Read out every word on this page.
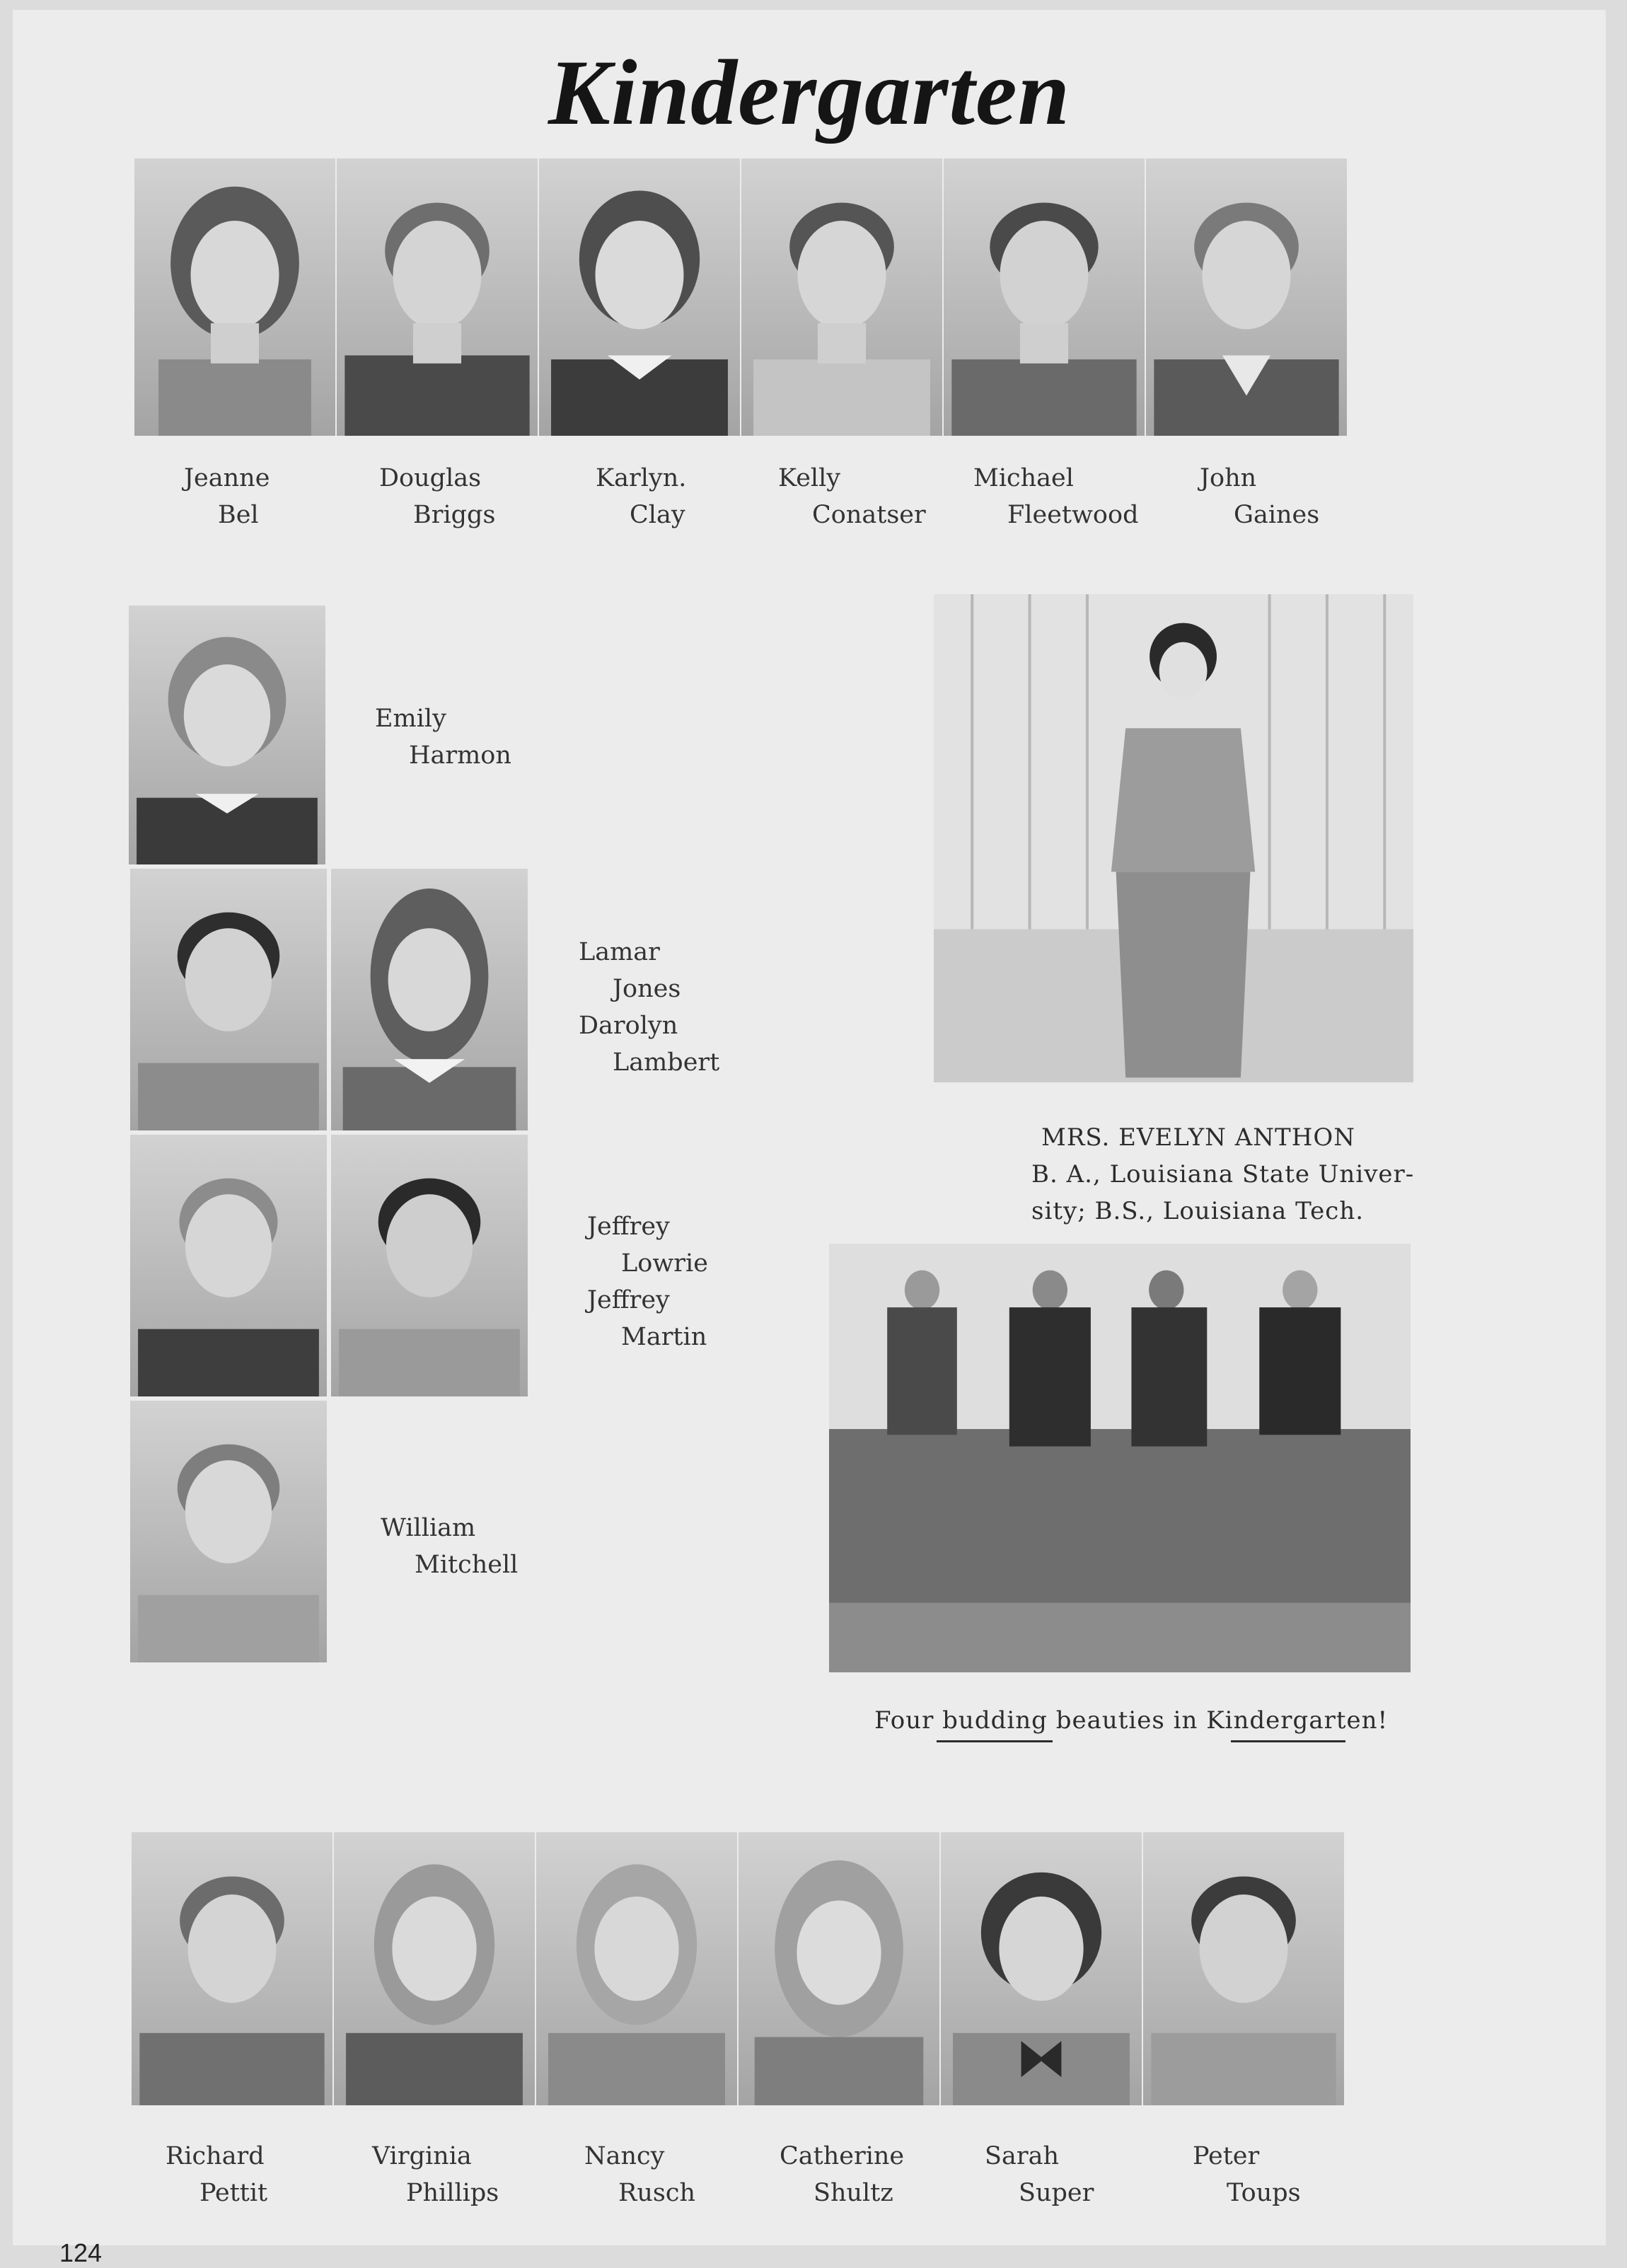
Kindergarten
Jeanne
Bel
Douglas
Briggs
Karlyn.
Clay
Kelly
Conatser
Michael
Fleetwood
John
Gaines
Emily
Harmon
Lamar
Jones
Darolyn
Lambert
Jeffrey
Lowrie
Jeffrey
Martin
William
Mitchell
MRS. EVELYN ANTHON
B. A., Louisiana State Univer-
sity; B.S., Louisiana Tech.
Four budding beauties in Kindergarten!
Richard
Pettit
Virginia
Phillips
Nancy
Rusch
Catherine
Shultz
Sarah
Super
Peter
Toups
124
